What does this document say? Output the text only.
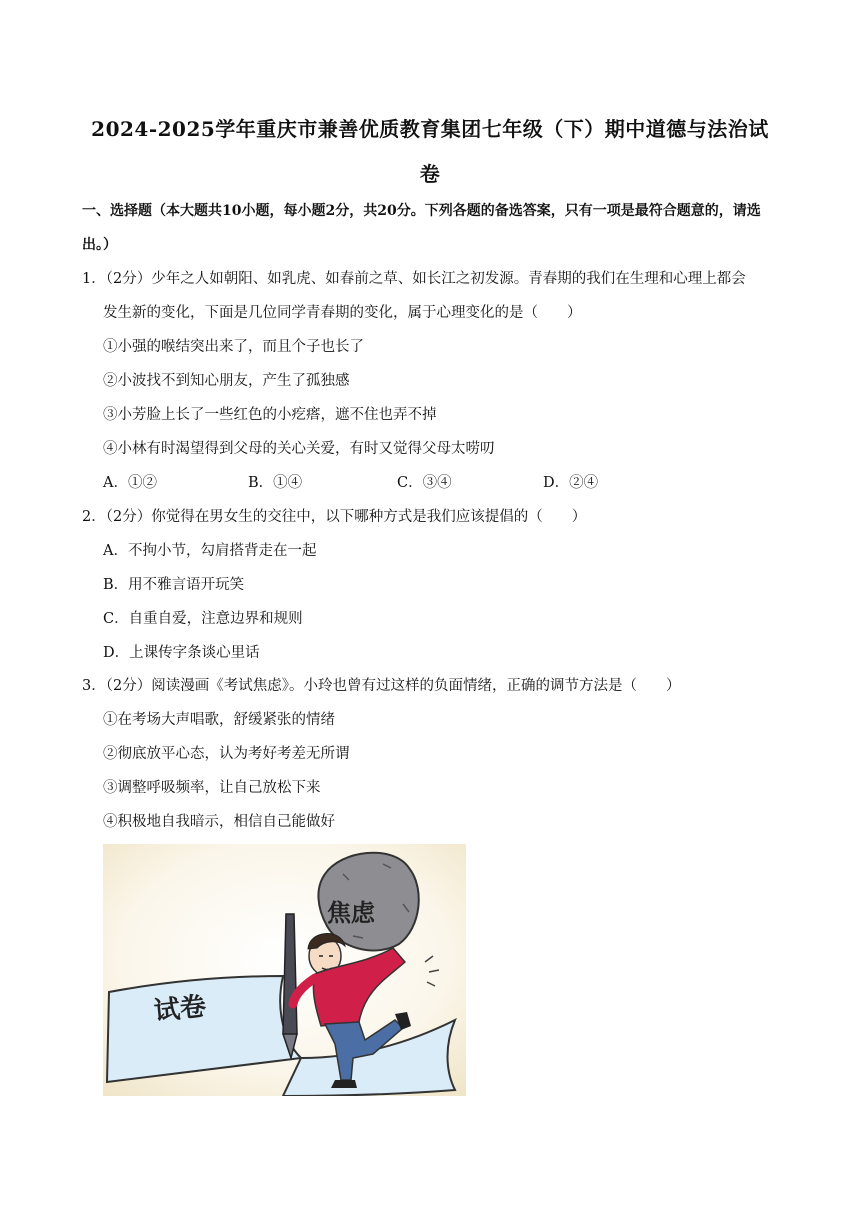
2024-2025学年重庆市兼善优质教育集团七年级（下）期中道德与法治试
卷
一、选择题（本大题共10小题，每小题2分，共20分。下列各题的备选答案，只有一项是最符合题意的，请选出。）
1．（2分）少年之人如朝阳、如乳虎、如春前之草、如长江之初发源。青春期的我们在生理和心理上都会
发生新的变化，下面是几位同学青春期的变化，属于心理变化的是（　　）
①小强的喉结突出来了，而且个子也长了
②小波找不到知心朋友，产生了孤独感
③小芳脸上长了一些红色的小疙瘩，遮不住也弄不掉
④小林有时渴望得到父母的关心关爱，有时又觉得父母太唠叨
A．①②	B．①④	C．③④	D．②④
2．（2分）你觉得在男女生的交往中，以下哪种方式是我们应该提倡的（　　）
A．不拘小节，勾肩搭背走在一起
B．用不雅言语开玩笑
C．自重自爱，注意边界和规则
D．上课传字条谈心里话
3．（2分）阅读漫画《考试焦虑》。小玲也曾有过这样的负面情绪，正确的调节方法是（　　）
①在考场大声唱歌，舒缓紧张的情绪
②彻底放平心态，认为考好考差无所谓
③调整呼吸频率，让自己放松下来
④积极地自我暗示，相信自己能做好
试卷
焦虑
